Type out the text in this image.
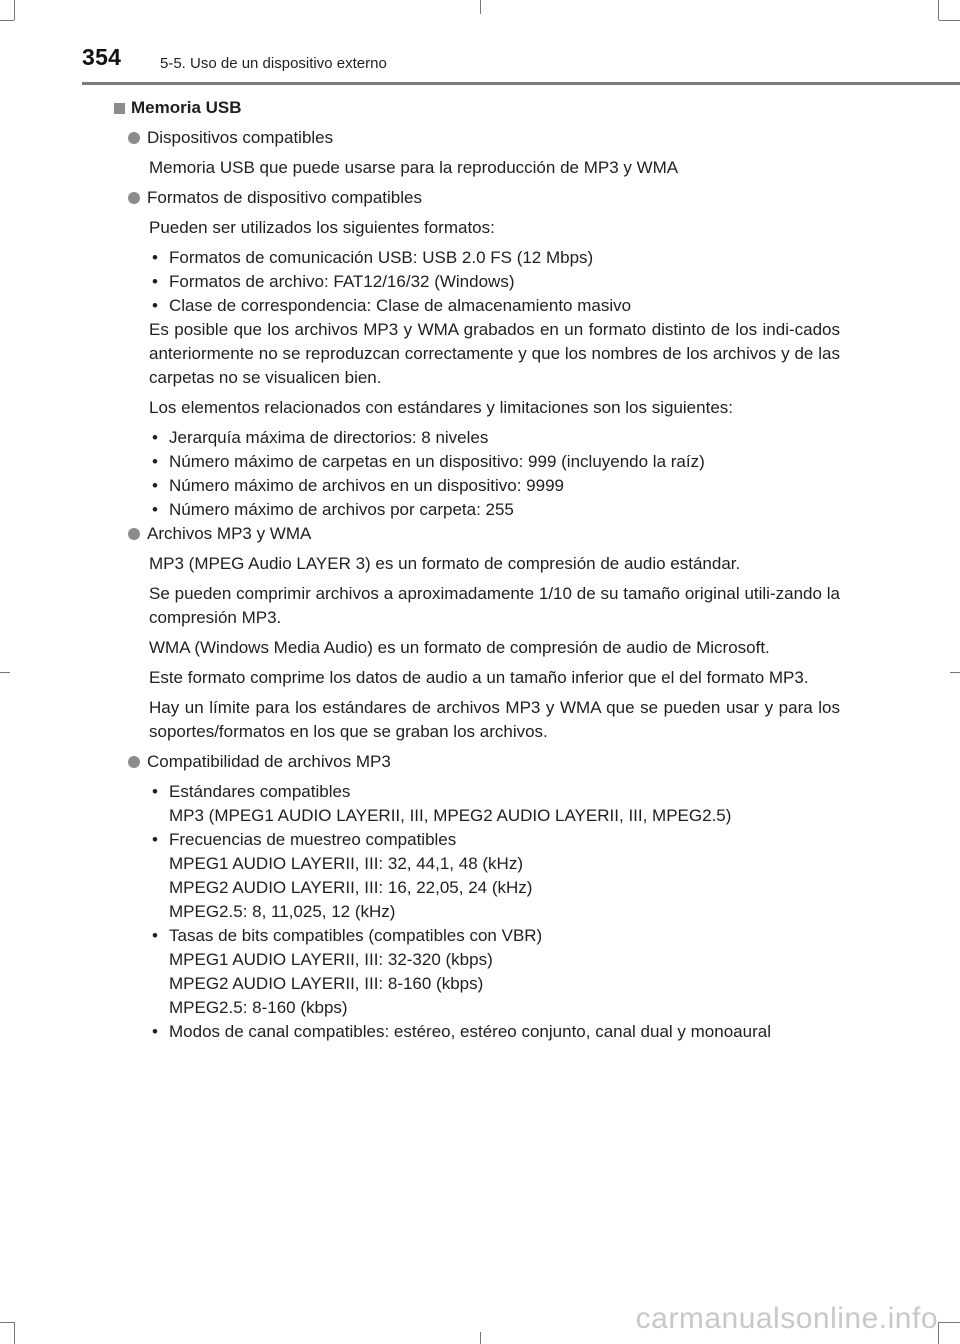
354	5-5. Uso de un dispositivo externo
Memoria USB
Dispositivos compatibles

Memoria USB que puede usarse para la reproducción de MP3 y WMA

Formatos de dispositivo compatibles

Pueden ser utilizados los siguientes formatos:

• Formatos de comunicación USB: USB 2.0 FS (12 Mbps)
• Formatos de archivo: FAT12/16/32 (Windows)
• Clase de correspondencia: Clase de almacenamiento masivo

Es posible que los archivos MP3 y WMA grabados en un formato distinto de los indi-cados anteriormente no se reproduzcan correctamente y que los nombres de los archivos y de las carpetas no se visualicen bien.

Los elementos relacionados con estándares y limitaciones son los siguientes:

• Jerarquía máxima de directorios: 8 niveles
• Número máximo de carpetas en un dispositivo: 999 (incluyendo la raíz)
• Número máximo de archivos en un dispositivo: 9999
• Número máximo de archivos por carpeta: 255
Archivos MP3 y WMA

MP3 (MPEG Audio LAYER 3) es un formato de compresión de audio estándar.

Se pueden comprimir archivos a aproximadamente 1/10 de su tamaño original utili-zando la compresión MP3.

WMA (Windows Media Audio) es un formato de compresión de audio de Microsoft.

Este formato comprime los datos de audio a un tamaño inferior que el del formato MP3.

Hay un límite para los estándares de archivos MP3 y WMA que se pueden usar y para los soportes/formatos en los que se graban los archivos.

Compatibilidad de archivos MP3
• Estándares compatibles
MP3 (MPEG1 AUDIO LAYERII, III, MPEG2 AUDIO LAYERII, III, MPEG2.5)
• Frecuencias de muestreo compatibles
MPEG1 AUDIO LAYERII, III: 32, 44,1, 48 (kHz)
MPEG2 AUDIO LAYERII, III: 16, 22,05, 24 (kHz)
MPEG2.5: 8, 11,025, 12 (kHz)
• Tasas de bits compatibles (compatibles con VBR)
MPEG1 AUDIO LAYERII, III: 32-320 (kbps)
MPEG2 AUDIO LAYERII, III: 8-160 (kbps)
MPEG2.5: 8-160 (kbps)
• Modos de canal compatibles: estéreo, estéreo conjunto, canal dual y monoaural
carmanualsonline.info
